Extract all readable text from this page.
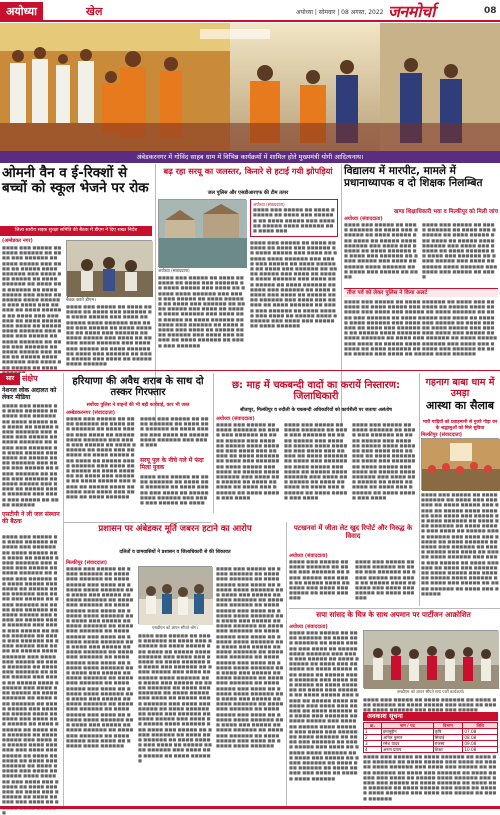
अयोध्या	खेल	अयोध्या | सोमवार | 08 अगस्त, 2022 जनमोर्चा	08
अंबेडकरनगर में गोविंद साहब धाम में विभिन्न कार्यक्रमों में शामिल होते मुख्यमंत्री योगी आदित्यनाथ।
ओमनी वैन व ई-रिक्शों से बच्चों को स्कूल भेजने पर रोक
जिला स्तरीय सड़क सुरक्षा समिति की बैठक में डीएम ने दिए सख्त निर्देश
(अम्बेडकर नगर)
■■■■ ■■■ ■■■■■ ■■ ■■■■ ■■■■■■ ■■ ■■■■ ■■■ ■■■■■■ ■■ ■■■■ ■■■■■ ■■■ ■■■■ ■■ ■■■■■ ■■■■ ■■■■■■ ■■■ ■■■■ ■■■ ■■■■■ ■■ ■■■■ ■■■■■■ ■■ ■■■■ ■■■ ■■■■■■ ■■ ■■■■ ■■■■■ ■■■ ■■■■ ■■ ■■■■■ ■■■■ ■■■■■■ ■■■ ■■■■ ■■■ ■■■■■ ■■ ■■■■ ■■■■■■ ■■ ■■■■ ■■■ ■■■■■■ ■■ ■■■■ ■■■■■ ■■■ ■■■■ ■■ ■■■■■ ■■■■ ■■■■■■ ■■■ ■■■■ ■■■ ■■■■■ ■■ ■■■■ ■■■■■■ ■■ ■■■■ ■■■ ■■■■■■ ■■ ■■■■ ■■■■■ ■■■ ■■■■ ■■ ■■■■■ ■■■■ ■■■■■■ ■■■ ■■■■ ■■■ ■■■■■ ■■ ■■■■
बैठक करते डीएम।
■■■■ ■■■ ■■■■■ ■■ ■■■■ ■■■■■■ ■■ ■■■■ ■■■ ■■■■■■ ■■ ■■■■ ■■■■■ ■■■ ■■■■ ■■ ■■■■■ ■■■■ ■■■■■■ ■■■ ■■■■ ■■■ ■■■■■ ■■ ■■■■ ■■■■■■ ■■ ■■■■ ■■■ ■■■■■■ ■■ ■■■■ ■■■■■ ■■■ ■■■■ ■■ ■■■■■ ■■■■ ■■■■■■ ■■■ ■■■■ ■■■ ■■■■■ ■■ ■■■■ ■■■■■■ ■■ ■■■■ ■■■ ■■■■■■ ■■ ■■■■ ■■■■■ ■■■ ■■■■ ■■ ■■■■■ ■■■■ ■■■■■■
बढ़ रहा सरयू का जलस्तर, किनारे से हटाई गयी झोपड़ियां
जल पुलिस और एसडीआरएफ की टीम तत्पर
अयोध्या (संवाददाता)
■■■■ ■■■ ■■■■■ ■■ ■■■■ ■■■■■■ ■■ ■■■■ ■■■ ■■■■■■ ■■ ■■■■ ■■■■■ ■■■ ■■■■ ■■ ■■■■■ ■■■■ ■■■■■■ ■■■ ■■■■ ■■■ ■■■■■ ■■ ■■■■ ■■■■■■ ■■ ■■■■ ■■■ ■■■■■■ ■■ ■■■■ ■■■■■ ■■■ ■■■■ ■■ ■■■■■ ■■■■ ■■■■■■ ■■■ ■■■■ ■■■ ■■■■■ ■■ ■■■■ ■■■■■■ ■■ ■■■■ ■■■ ■■■■■■ ■■ ■■■■ ■■■■■ ■■■ ■■■■ ■■ ■■■■■ ■■■■ ■■■■■■ ■■■ ■■■■ ■■■ ■■■■■ ■■ ■■■■ ■■■■■■ ■■ ■■■■ ■■■ ■■■■■■
अयोध्या (संवाददाता)
■■■■ ■■■ ■■■■■ ■■ ■■■■ ■■■■■■ ■■ ■■■■ ■■■ ■■■■■■ ■■ ■■■■ ■■■■■ ■■■ ■■■■ ■■ ■■■■■ ■■■■ ■■■■■■ ■■■ ■■■■ ■■■
■■■■ ■■■ ■■■■■ ■■ ■■■■ ■■■■■■ ■■ ■■■■ ■■■ ■■■■■■ ■■ ■■■■ ■■■■■ ■■■ ■■■■ ■■ ■■■■■ ■■■■ ■■■■■■ ■■■ ■■■■ ■■■ ■■■■■ ■■ ■■■■ ■■■■■■ ■■ ■■■■ ■■■ ■■■■■■ ■■ ■■■■ ■■■■■ ■■■ ■■■■ ■■ ■■■■■ ■■■■ ■■■■■■ ■■■ ■■■■ ■■■ ■■■■■ ■■ ■■■■ ■■■■■■ ■■ ■■■■ ■■■ ■■■■■■ ■■ ■■■■ ■■■■■ ■■■ ■■■■ ■■ ■■■■■ ■■■■ ■■■■■■ ■■■ ■■■■ ■■■ ■■■■■ ■■ ■■■■ ■■■■■■ ■■ ■■■■ ■■■ ■■■■■■ ■■ ■■■■ ■■■■■ ■■■ ■■■■ ■■ ■■■■■ ■■■■ ■■■■■■ ■■■ ■■■■ ■■■ ■■■■■ ■■ ■■■■ ■■■■■■
विद्यालय में मारपीट, मामले में प्रधानाध्यापक व दो शिक्षक निलम्बित
खण्ड शिक्षाधिकारी भवा व मिल्कीपुर को मिली जांच
अयोध्या (संवाददाता)
■■■■ ■■■ ■■■■■ ■■ ■■■■ ■■■■■■ ■■ ■■■■ ■■■ ■■■■■■ ■■ ■■■■ ■■■■■ ■■■ ■■■■ ■■ ■■■■■ ■■■■ ■■■■■■ ■■■ ■■■■ ■■■ ■■■■■ ■■ ■■■■ ■■■■■■ ■■ ■■■■ ■■■ ■■■■■■ ■■ ■■■■ ■■■■■ ■■■ ■■■■ ■■ ■■■■■ ■■■■ ■■■■■■ ■■■ ■■■■ ■■■ ■■■■■ ■■ ■■■■
■■■■ ■■■ ■■■■■ ■■ ■■■■ ■■■■■■ ■■ ■■■■ ■■■ ■■■■■■ ■■ ■■■■ ■■■■■ ■■■ ■■■■ ■■ ■■■■■ ■■■■ ■■■■■■ ■■■ ■■■■ ■■■ ■■■■■ ■■ ■■■■ ■■■■■■ ■■ ■■■■ ■■■ ■■■■■■ ■■ ■■■■ ■■■■■ ■■■ ■■■■ ■■ ■■■■■ ■■■■ ■■■■■■ ■■■ ■■■■ ■■■ ■■■■■ ■■ ■■■■
तीज पर्व को लेकर पुलिस ने किया अलर्ट
■■■■ ■■■ ■■■■■ ■■ ■■■■ ■■■■■■ ■■ ■■■■ ■■■ ■■■■■■ ■■ ■■■■ ■■■■■ ■■■ ■■■■ ■■ ■■■■■ ■■■■ ■■■■■■ ■■■ ■■■■ ■■■ ■■■■■ ■■ ■■■■ ■■■■■■ ■■ ■■■■ ■■■ ■■■■■■ ■■ ■■■■ ■■■■■ ■■■ ■■■■ ■■ ■■■■■ ■■■■ ■■■■■■ ■■■ ■■■■ ■■■ ■■■■■ ■■ ■■■■ ■■■■■■ ■■ ■■■■ ■■■ ■■■■■■ ■■ ■■■■ ■■■■■ ■■■ ■■■■ ■■ ■■■■■ ■■■■ ■■■■■■ ■■■ ■■■■ ■■■ ■■■■■ ■■ ■■■■ ■■■■■■ ■■ ■■■■ ■■■ ■■■■■■ ■■ ■■■■ ■■■■■ ■■■ ■■■■ ■■ ■■■■■ ■■■■ ■■■■■■ ■■■ ■■■■ ■■■ ■■■■■ ■■ ■■■■ ■■■■■■ ■■ ■■■■ ■■■ ■■■■■■ ■■ ■■■■ ■■■■■ ■■■ ■■■■ ■■ ■■■■■ ■■■■ ■■■■■■
सार संक्षेप
नेशनल लोक अदालत को लेकर मीडिया
■■■■ ■■■ ■■■■■ ■■ ■■■■ ■■■■■■ ■■ ■■■■ ■■■ ■■■■■■ ■■ ■■■■ ■■■■■ ■■■ ■■■■ ■■ ■■■■■ ■■■■ ■■■■■■ ■■■ ■■■■ ■■■ ■■■■■ ■■ ■■■■ ■■■■■■ ■■ ■■■■ ■■■ ■■■■■■ ■■ ■■■■ ■■■■■ ■■■ ■■■■ ■■ ■■■■■ ■■■■ ■■■■■■ ■■■ ■■■■ ■■■ ■■■■■ ■■ ■■■■ ■■■■■■ ■■ ■■■■ ■■■ ■■■■■■ ■■ ■■■■ ■■■■■ ■■■ ■■■■ ■■ ■■■■■ ■■■■ ■■■■■■ ■■■ ■■■■ ■■■ ■■■■■ ■■ ■■■■ ■■■■■■
एसटीपी ने ली जल संस्थान की बैठक
■■■■ ■■■ ■■■■■ ■■ ■■■■ ■■■■■■ ■■ ■■■■ ■■■ ■■■■■■ ■■ ■■■■ ■■■■■ ■■■ ■■■■ ■■ ■■■■■ ■■■■ ■■■■■■ ■■■ ■■■■ ■■■ ■■■■■ ■■ ■■■■ ■■■■■■ ■■ ■■■■ ■■■ ■■■■■■ ■■ ■■■■ ■■■■■ ■■■ ■■■■ ■■ ■■■■■ ■■■■ ■■■■■■ ■■■ ■■■■ ■■■ ■■■■■ ■■ ■■■■ ■■■■■■ ■■ ■■■■ ■■■ ■■■■■■ ■■ ■■■■ ■■■■■ ■■■ ■■■■ ■■ ■■■■■ ■■■■ ■■■■■■ ■■■ ■■■■ ■■■ ■■■■■ ■■ ■■■■ ■■■■■■ ■■ ■■■■ ■■■ ■■■■■■ ■■ ■■■■ ■■■■■ ■■■ ■■■■ ■■ ■■■■■ ■■■■ ■■■■■■ ■■■ ■■■■ ■■■ ■■■■■ ■■ ■■■■ ■■■■■■ ■■ ■■■■ ■■■ ■■■■■■ ■■ ■■■■ ■■■■■ ■■■ ■■■■ ■■ ■■■■■ ■■■■ ■■■■■■ ■■■ ■■■■ ■■■ ■■■■■ ■■ ■■■■ ■■■■■■ ■■ ■■■■ ■■■ ■■■■■■ ■■ ■■■■ ■■■■■ ■■■ ■■■■ ■■ ■■■■■ ■■■■ ■■■■■■ ■■■ ■■■■ ■■■ ■■■■■ ■■ ■■■■ ■■■■■■ ■■ ■■■■ ■■■ ■■■■■■ ■■ ■■■■ ■■■■■ ■■■ ■■■■ ■■ ■■■■■ ■■■■ ■■■■■■ ■■■ ■■■■ ■■■ ■■■■■ ■■ ■■■■ ■■■■■■ ■■ ■■■■ ■■■ ■■■■■■ ■■ ■■■■ ■■■■■ ■■■ ■■■■ ■■ ■■■■■ ■■■■ ■■■■■■ ■■■ ■■■■ ■■■ ■■■■■ ■■ ■■■■ ■■■■■■ ■■ ■■■■ ■■■ ■■■■■■ ■■ ■■■■ ■■■■■ ■■■ ■■■■ ■■ ■ ■
हरियाणा की अवैध शराब के साथ दो तस्कर गिरफ्तार
सर्वोच्च पुलिस ने वाहनों की भी बड़ी कार्रवाई, कार भी जब्त
अम्बेडकरनगर (संवाददाता)
■■■■ ■■■ ■■■■■ ■■ ■■■■ ■■■■■■ ■■ ■■■■ ■■■ ■■■■■■ ■■ ■■■■ ■■■■■ ■■■ ■■■■ ■■ ■■■■■ ■■■■ ■■■■■■ ■■■ ■■■■ ■■■ ■■■■■ ■■ ■■■■ ■■■■■■ ■■ ■■■■ ■■■ ■■■■■■ ■■ ■■■■ ■■■■■ ■■■ ■■■■ ■■ ■■■■■ ■■■■ ■■■■■■ ■■■ ■■■■ ■■■ ■■■■■ ■■ ■■■■ ■■■■■■ ■■ ■■■■ ■■■ ■■■■■■ ■■ ■■■■ ■■■■■ ■■■ ■■■■ ■■ ■■■■■ ■■■■ ■■■■■■ ■■■ ■■■■ ■■■ ■■■■■ ■■ ■■■■ ■■■■■■
■■■■ ■■■ ■■■■■ ■■ ■■■■ ■■■■■■ ■■ ■■■■ ■■■ ■■■■■■ ■■ ■■■■ ■■■■■ ■■■ ■■■■ ■■ ■■■■■ ■■■■ ■■■■■■ ■■■ ■■■■ ■■■
सरयू पुल के नीचे गले में फंदा मिला युवक
■■■■ ■■■ ■■■■■ ■■ ■■■■ ■■■■■■ ■■ ■■■■ ■■■ ■■■■■■ ■■ ■■■■ ■■■■■ ■■■ ■■■■ ■■ ■■■■■ ■■■■ ■■■■■■ ■■■ ■■■■ ■■■ ■■■■■ ■■ ■■■■
छ: माह में चकबन्दी वादों का करायें निस्तारण: जिलाधिकारी
सीतापुर, मिल्कीपुर व रुदौली के चकबन्दी अधिकारियों को कार्यशैली पर जताया असंतोष
अयोध्या (संवाददाता)
■■■■ ■■■ ■■■■■ ■■ ■■■■ ■■■■■■ ■■ ■■■■ ■■■ ■■■■■■ ■■ ■■■■ ■■■■■ ■■■ ■■■■ ■■ ■■■■■ ■■■■ ■■■■■■ ■■■ ■■■■ ■■■ ■■■■■ ■■ ■■■■ ■■■■■■ ■■ ■■■■ ■■■ ■■■■■■ ■■ ■■■■ ■■■■■ ■■■ ■■■■ ■■ ■■■■■ ■■■■ ■■■■■■ ■■■ ■■■■ ■■■ ■■■■■ ■■ ■■■■ ■■■■■■ ■■ ■■■■ ■■■ ■■■■■■ ■■ ■■■■ ■■■■■ ■■■ ■■■■
■■■■ ■■■ ■■■■■ ■■ ■■■■ ■■■■■■ ■■ ■■■■ ■■■ ■■■■■■ ■■ ■■■■ ■■■■■ ■■■ ■■■■ ■■ ■■■■■ ■■■■ ■■■■■■ ■■■ ■■■■ ■■■ ■■■■■ ■■ ■■■■ ■■■■■■ ■■ ■■■■ ■■■ ■■■■■■ ■■ ■■■■ ■■■■■ ■■■ ■■■■ ■■ ■■■■■ ■■■■ ■■■■■■ ■■■ ■■■■ ■■■ ■■■■■ ■■ ■■■■ ■■■■■■ ■■ ■■■■ ■■■ ■■■■■■ ■■ ■■■■ ■■■■■ ■■■ ■■■■
■■■■ ■■■ ■■■■■ ■■ ■■■■ ■■■■■■ ■■ ■■■■ ■■■ ■■■■■■ ■■ ■■■■ ■■■■■ ■■■ ■■■■ ■■ ■■■■■ ■■■■ ■■■■■■ ■■■ ■■■■ ■■■ ■■■■■ ■■ ■■■■ ■■■■■■ ■■ ■■■■ ■■■ ■■■■■■ ■■ ■■■■ ■■■■■ ■■■ ■■■■ ■■ ■■■■■ ■■■■ ■■■■■■ ■■■ ■■■■ ■■■ ■■■■■ ■■ ■■■■ ■■■■■■ ■■ ■■■■ ■■■ ■■■■■■ ■■ ■■■■ ■■■■■ ■■■ ■■■■
गहनाग बाबा धाम में उमड़ा
आस्था का सैलाब
भारी गाड़ियों को प्रवाहमानी से गुजरे गोड़ा वन के श्रद्धालुओं को मिले सुविधा
मिल्कीपुर (संवाददाता)
■■■■ ■■■ ■■■■■ ■■ ■■■■ ■■■■■■ ■■ ■■■■ ■■■ ■■■■■■ ■■ ■■■■ ■■■■■ ■■■ ■■■■ ■■ ■■■■■ ■■■■ ■■■■■■ ■■■ ■■■■ ■■■ ■■■■■ ■■ ■■■■ ■■■■■■ ■■ ■■■■ ■■■ ■■■■■■ ■■ ■■■■ ■■■■■ ■■■ ■■■■ ■■ ■■■■■ ■■■■ ■■■■■■ ■■■ ■■■■ ■■■ ■■■■■ ■■ ■■■■ ■■■■■■ ■■ ■■■■ ■■■ ■■■■■■ ■■ ■■■■ ■■■■■ ■■■ ■■■■ ■■ ■■■■■ ■■■■ ■■■■■■ ■■■ ■■■■ ■■■ ■■■■■ ■■ ■■■■ ■■■■■■ ■■ ■■■■ ■■■ ■■■■■■ ■■ ■■■■ ■■■■■ ■■■ ■■■■ ■■ ■■■■■ ■■■■ ■■■■■■ ■■■ ■■■■ ■■■ ■■■■■ ■■ ■■■■ ■■■■■■ ■■ ■■■■ ■■■ ■■■■■■
प्रशासन पर अंबेडकर मूर्ति जबरन हटाने का आरोप
दलितों व ग्रामवासियों ने प्रशासन व जिलाधिकारी से की शिकायत
मिल्कीपुर (संवाददाता)
■■■■ ■■■ ■■■■■ ■■ ■■■■ ■■■■■■ ■■ ■■■■ ■■■ ■■■■■■ ■■ ■■■■ ■■■■■ ■■■ ■■■■ ■■ ■■■■■ ■■■■ ■■■■■■ ■■■ ■■■■ ■■■ ■■■■■ ■■ ■■■■ ■■■■■■ ■■ ■■■■ ■■■ ■■■■■■ ■■ ■■■■ ■■■■■ ■■■ ■■■■ ■■ ■■■■■ ■■■■ ■■■■■■ ■■■ ■■■■ ■■■ ■■■■■ ■■ ■■■■ ■■■■■■ ■■ ■■■■ ■■■ ■■■■■■ ■■ ■■■■ ■■■■■ ■■■ ■■■■ ■■ ■■■■■ ■■■■ ■■■■■■ ■■■ ■■■■ ■■■ ■■■■■ ■■ ■■■■ ■■■■■■ ■■ ■■■■ ■■■ ■■■■■■ ■■ ■■■■ ■■■■■ ■■■ ■■■■ ■■ ■■■■■ ■■■■ ■■■■■■ ■■■ ■■■■ ■■■ ■■■■■ ■■ ■■■■ ■■■■■■ ■■ ■■■■ ■■■ ■■■■■■ ■■ ■■■■ ■■■■■ ■■■ ■■■■ ■■ ■■■■■ ■■■■ ■■■■■■ ■■■ ■■■■ ■■■ ■■■■■ ■■ ■■■■ ■■■■■■ ■■ ■■■■ ■■■ ■■■■■■ ■■ ■■■■ ■■■■■ ■■■ ■■■■ ■■ ■■■■■ ■■■■ ■■■■■■ ■■■ ■■■■ ■■■ ■■■■■ ■■ ■■■■ ■■■■■■ ■■ ■■■■ ■■■ ■■■■■■ ■■ ■■■■ ■■■■■ ■■■ ■■■■ ■■ ■■■■■ ■■■■ ■■■■■■
एसडीएम को ज्ञापन सौंपते लोग।
■■■■ ■■■ ■■■■■ ■■ ■■■■ ■■■■■■ ■■ ■■■■ ■■■ ■■■■■■ ■■ ■■■■ ■■■■■ ■■■ ■■■■ ■■ ■■■■■ ■■■■ ■■■■■■ ■■■ ■■■■ ■■■ ■■■■■ ■■ ■■■■ ■■■■■■ ■■ ■■■■ ■■■ ■■■■■■ ■■ ■■■■ ■■■■■ ■■■ ■■■■ ■■ ■■■■■ ■■■■ ■■■■■■ ■■■ ■■■■ ■■■ ■■■■■ ■■ ■■■■ ■■■■■■ ■■ ■■■■ ■■■ ■■■■■■ ■■ ■■■■ ■■■■■ ■■■ ■■■■ ■■ ■■■■■ ■■■■ ■■■■■■ ■■■ ■■■■ ■■■ ■■■■■ ■■ ■■■■ ■■■■■■ ■■ ■■■■ ■■■ ■■■■■■ ■■ ■■■■ ■■■■■ ■■■ ■■■■ ■■ ■■■■■ ■■■■ ■■■■■■ ■■■ ■■■■ ■■■ ■■■■■ ■■ ■■■■ ■■■■■■ ■■ ■■■■ ■■■ ■■■■■■ ■■ ■■■■ ■■■■■ ■■■ ■■■■ ■■ ■■■■■ ■■■■ ■■■■■■ ■■■ ■■■■ ■■■ ■■■■■ ■■ ■■■■ ■■■■■■
■■■■ ■■■ ■■■■■ ■■ ■■■■ ■■■■■■ ■■ ■■■■ ■■■ ■■■■■■ ■■ ■■■■ ■■■■■ ■■■ ■■■■ ■■ ■■■■■ ■■■■ ■■■■■■ ■■■ ■■■■ ■■■ ■■■■■ ■■ ■■■■ ■■■■■■ ■■ ■■■■ ■■■ ■■■■■■ ■■ ■■■■ ■■■■■ ■■■ ■■■■ ■■ ■■■■■ ■■■■ ■■■■■■ ■■■ ■■■■ ■■■ ■■■■■ ■■ ■■■■ ■■■■■■ ■■ ■■■■ ■■■ ■■■■■■ ■■ ■■■■ ■■■■■ ■■■ ■■■■ ■■ ■■■■■ ■■■■ ■■■■■■ ■■■ ■■■■ ■■■ ■■■■■ ■■ ■■■■ ■■■■■■ ■■ ■■■■ ■■■ ■■■■■■ ■■ ■■■■ ■■■■■ ■■■ ■■■■ ■■ ■■■■■ ■■■■ ■■■■■■ ■■■ ■■■■ ■■■ ■■■■■ ■■ ■■■■ ■■■■■■ ■■ ■■■■ ■■■ ■■■■■■ ■■ ■■■■ ■■■■■ ■■■ ■■■■ ■■ ■■■■■ ■■■■ ■■■■■■ ■■■ ■■■■ ■■■ ■■■■■ ■■ ■■■■ ■■■■■■ ■■ ■■■■ ■■■ ■■■■■■ ■■ ■■■■ ■■■■■ ■■■ ■■■■ ■■ ■■■■■ ■■■■ ■■■■■■ ■■■ ■■■■ ■■■ ■■■■■ ■■ ■■■■ ■■■■■■ ■■ ■■■■ ■■■ ■■■■■■ ■■ ■■■■ ■■■■■ ■■■ ■■■■ ■■ ■■■■■ ■■■■ ■■■■■■
पटखनवां में जीता लेट खुद रिपोर्ट और निरुद्ध के विवाद
अयोध्या (संवाददाता)
■■■■ ■■■ ■■■■■ ■■ ■■■■ ■■■■■■ ■■ ■■■■ ■■■ ■■■■■■ ■■ ■■■■ ■■■■■ ■■■ ■■■■ ■■ ■■■■■ ■■■■ ■■■■■■ ■■■ ■■■■ ■■■ ■■■■■ ■■ ■■■■ ■■■■■■
■■■■ ■■■ ■■■■■ ■■ ■■■■ ■■■■■■ ■■ ■■■■ ■■■ ■■■■■■ ■■ ■■■■ ■■■■■ ■■■ ■■■■ ■■ ■■■■■ ■■■■ ■■■■■■ ■■■ ■■■■ ■■■ ■■■■■ ■■ ■■■■ ■■■■■■
सपा सांसद के चित्र के साथ अपमान पर पार्टीजन आक्रोशित
अयोध्या (संवाददाता)
■■■■ ■■■ ■■■■■ ■■ ■■■■ ■■■■■■ ■■ ■■■■ ■■■ ■■■■■■ ■■ ■■■■ ■■■■■ ■■■ ■■■■ ■■ ■■■■■ ■■■■ ■■■■■■ ■■■ ■■■■ ■■■ ■■■■■ ■■ ■■■■ ■■■■■■ ■■ ■■■■ ■■■ ■■■■■■ ■■ ■■■■ ■■■■■ ■■■ ■■■■ ■■ ■■■■■ ■■■■ ■■■■■■ ■■■ ■■■■ ■■■ ■■■■■ ■■ ■■■■ ■■■■■■ ■■ ■■■■ ■■■ ■■■■■■ ■■ ■■■■ ■■■■■ ■■■ ■■■■ ■■ ■■■■■ ■■■■ ■■■■■■ ■■■ ■■■■ ■■■ ■■■■■ ■■ ■■■■ ■■■■■■ ■■ ■■■■ ■■■ ■■■■■■ ■■ ■■■■ ■■■■■ ■■■ ■■■■ ■■ ■■■■■ ■■■■ ■■■■■■ ■■■ ■■■■ ■■■ ■■■■■ ■■ ■■■■ ■■■■■■ ■■ ■■■■ ■■■ ■■■■■■ ■■ ■■■■ ■■■■■ ■■■ ■■■■ ■■ ■■■■■ ■■■■ ■■■■■■ ■■■ ■■■■ ■■■ ■■■■■ ■■ ■■■■ ■■■■■■ ■■ ■■■■ ■■■ ■■■■■■ ■■ ■■■■ ■■■■■ ■■■ ■■■■ ■■ ■■■■■ ■■■■ ■■■■■■
एसडीएम को ज्ञापन सौंपते सपा पार्टी कार्यकर्ता।
■■■■ ■■■ ■■■■■ ■■ ■■■■ ■■■■■■ ■■ ■■■■ ■■■ ■■■■■■ ■■ ■■■■ ■■■■■ ■■■ ■■■■ ■■ ■■■■■ ■■■■ ■■■■■■ ■■■ ■■■■ ■■■ ■■■■■
अवकाश सूचना
क्र.	नाम / पद	विभाग	तिथि
1	इमामुद्दीन	कृषि	07.08
2	अनिल कुमार	सिंचाई	08.08
3	रमेश यादव	राजस्व	09.08
4	अरुण प्रताप	शिक्षा	10.08
■■■■ ■■■ ■■■■■ ■■ ■■■■ ■■■■■■ ■■ ■■■■ ■■■ ■■■■■■ ■■ ■■■■ ■■■■■ ■■■ ■■■■ ■■ ■■■■■ ■■■■ ■■■■■■ ■■■ ■■■■ ■■■ ■■■■■ ■■ ■■■■ ■■■■■■ ■■ ■■■■ ■■■ ■■■■■■ ■■ ■■■■ ■■■■■ ■■■ ■■■■ ■■ ■■■■■ ■■■■ ■■■■■■ ■■■ ■■■■ ■■■ ■■■■■ ■■ ■■■■ ■■■■■■ ■■ ■■■■ ■■■ ■■■■■■ ■■ ■■■■ ■■■■■ ■■■ ■■■■ ■■ ■■■■■ ■■■■ ■■■■■■ ■■■ ■■■■ ■■■ ■■■■■ ■■ ■■■■ ■■■■■■
